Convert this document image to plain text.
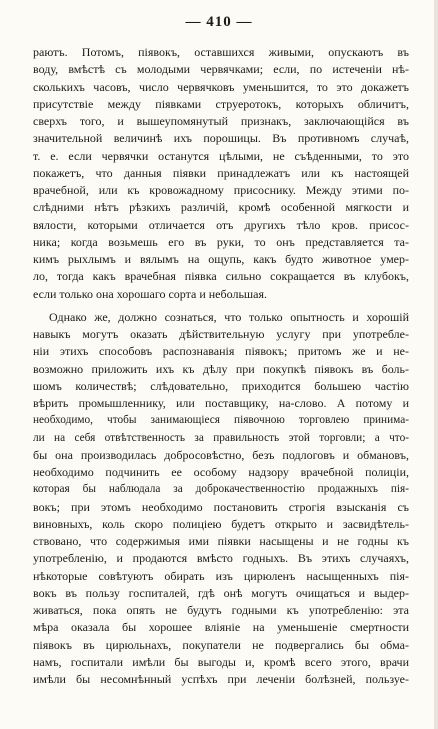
— 410 —

раютъ. Потомъ, піявокъ, оставшихся живыми, опускаютъ въ
воду, вмѣстѣ съ молодыми червячками; если, по истеченіи нѣ-
сколькихъ часовъ, число червячковъ уменьшится, то это докажетъ
присутствіе между піявками струеротокъ, которыхъ обличитъ,
сверхъ того, и вышеупомянутый признакъ, заключающійся въ
значительной величинѣ ихъ порошицы. Въ противномъ случаѣ,
т. е. если червячки останутся цѣлыми, не съѣденными, то это
покажетъ, что данныя піявки принадлежатъ или къ настоящей
врачебной, или къ кровожадному присоснику. Между этими по-
слѣдними нѣтъ рѣзкихъ различій, кромѣ особенной мягкости и
вялости, которыми отличается отъ другихъ тѣло кров. присос-
ника; когда возьмешь его въ руки, то онъ представляется та-
кимъ рыхлымъ и вялымъ на ощупь, какъ будто животное умер-
ло, тогда какъ врачебная піявка сильно сокращается въ клубокъ,
если только она хорошаго сорта и небольшая.

Однако же, должно сознаться, что только опытность и хорошій
навыкъ могутъ оказать дѣйствительную услугу при употребле-
ніи этихъ способовъ распознаванія піявокъ; притомъ же и не-
возможно приложить ихъ къ дѣлу при покупкѣ піявокъ въ боль-
шомъ количествѣ; слѣдовательно, приходится большею частію
вѣрить промышленнику, или поставщику, на-слово. А потому и
необходимо, чтобы занимающіеся піявочною торговлею принима-
ли на себя отвѣтственность за правильность этой торговли; а что-
бы она производилась добросовѣстно, безъ подлоговъ и обмановъ,
необходимо подчинить ее особому надзору врачебной полиціи,
которая бы наблюдала за доброкачественностію продажныхъ пія-
вокъ; при этомъ необходимо постановить строгія взысканія съ
виновныхъ, коль скоро полиціею будетъ открыто и засвидѣтель-
ствовано, что содержимыя ими піявки насыщены и не годны къ
употребленію, и продаются вмѣсто годныхъ. Въ этихъ случаяхъ,
нѣкоторые совѣтуютъ обирать изъ цирюленъ насыщенныхъ пія-
вокъ въ пользу госпиталей, гдѣ онѣ могутъ очищаться и выдер-
живаться, пока опять не будутъ годными къ употребленію: эта
мѣра оказала бы хорошее вліяніе на уменьшеніе смертности
піявокъ въ цирюльнахъ, покупатели не подвергались бы обма-
намъ, госпитали имѣли бы выгоды и, кромѣ всего этого, врачи
имѣли бы несомнѣнный успѣхъ при леченіи болѣзней, пользуе-
